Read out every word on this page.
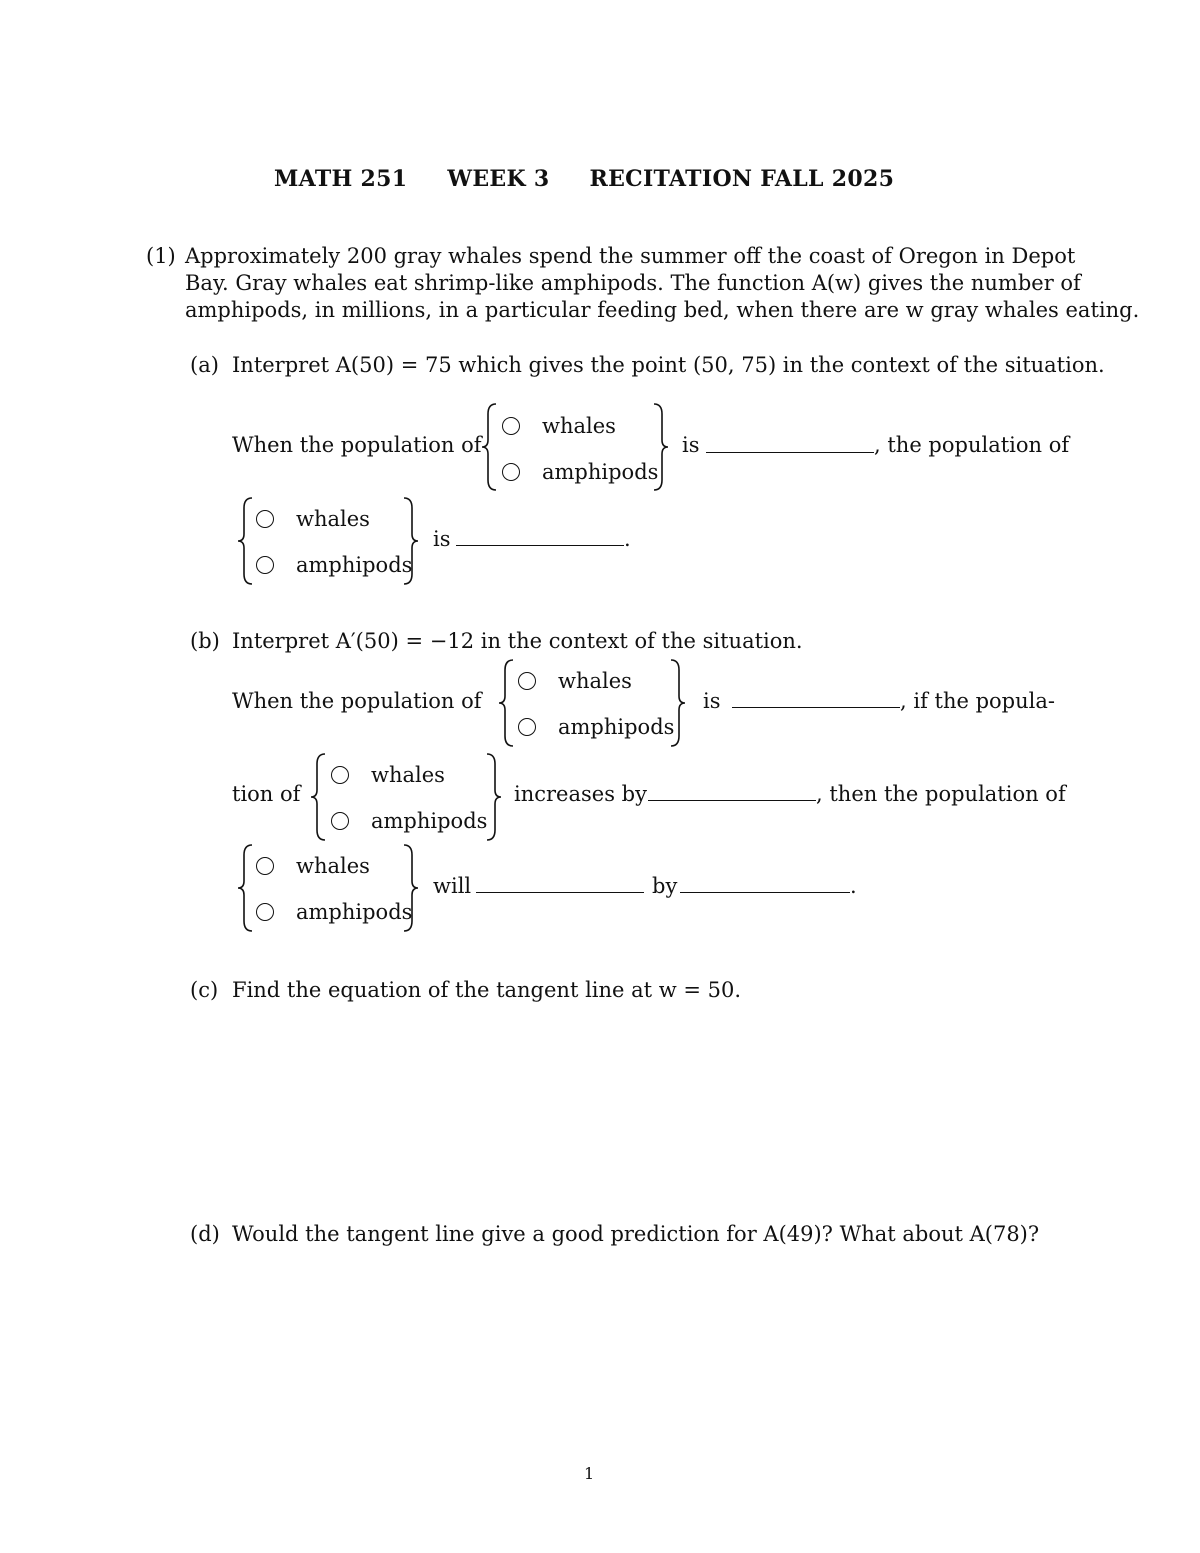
MATH 251 WEEK 3 RECITATION FALL 2025
(1) Approximately 200 gray whales spend the summer off the coast of Oregon in Depot
Bay. Gray whales eat shrimp-like amphipods. The function A(w) gives the number of
amphipods, in millions, in a particular feeding bed, when there are w gray whales eating.
(a) Interpret A(50) = 75 which gives the point (50, 75) in the context of the situation.
When the population of
whales
amphipods
is	, the population of
whales
amphipods
is	.
(b) Interpret A′(50) = −12 in the context of the situation.
When the population of
whales
amphipods
is	, if the popula-
tion of
whales
amphipods
increases by	, then the population of
whales
amphipods
will	by	.
(c) Find the equation of the tangent line at w = 50.
(d) Would the tangent line give a good prediction for A(49)? What about A(78)?
1
